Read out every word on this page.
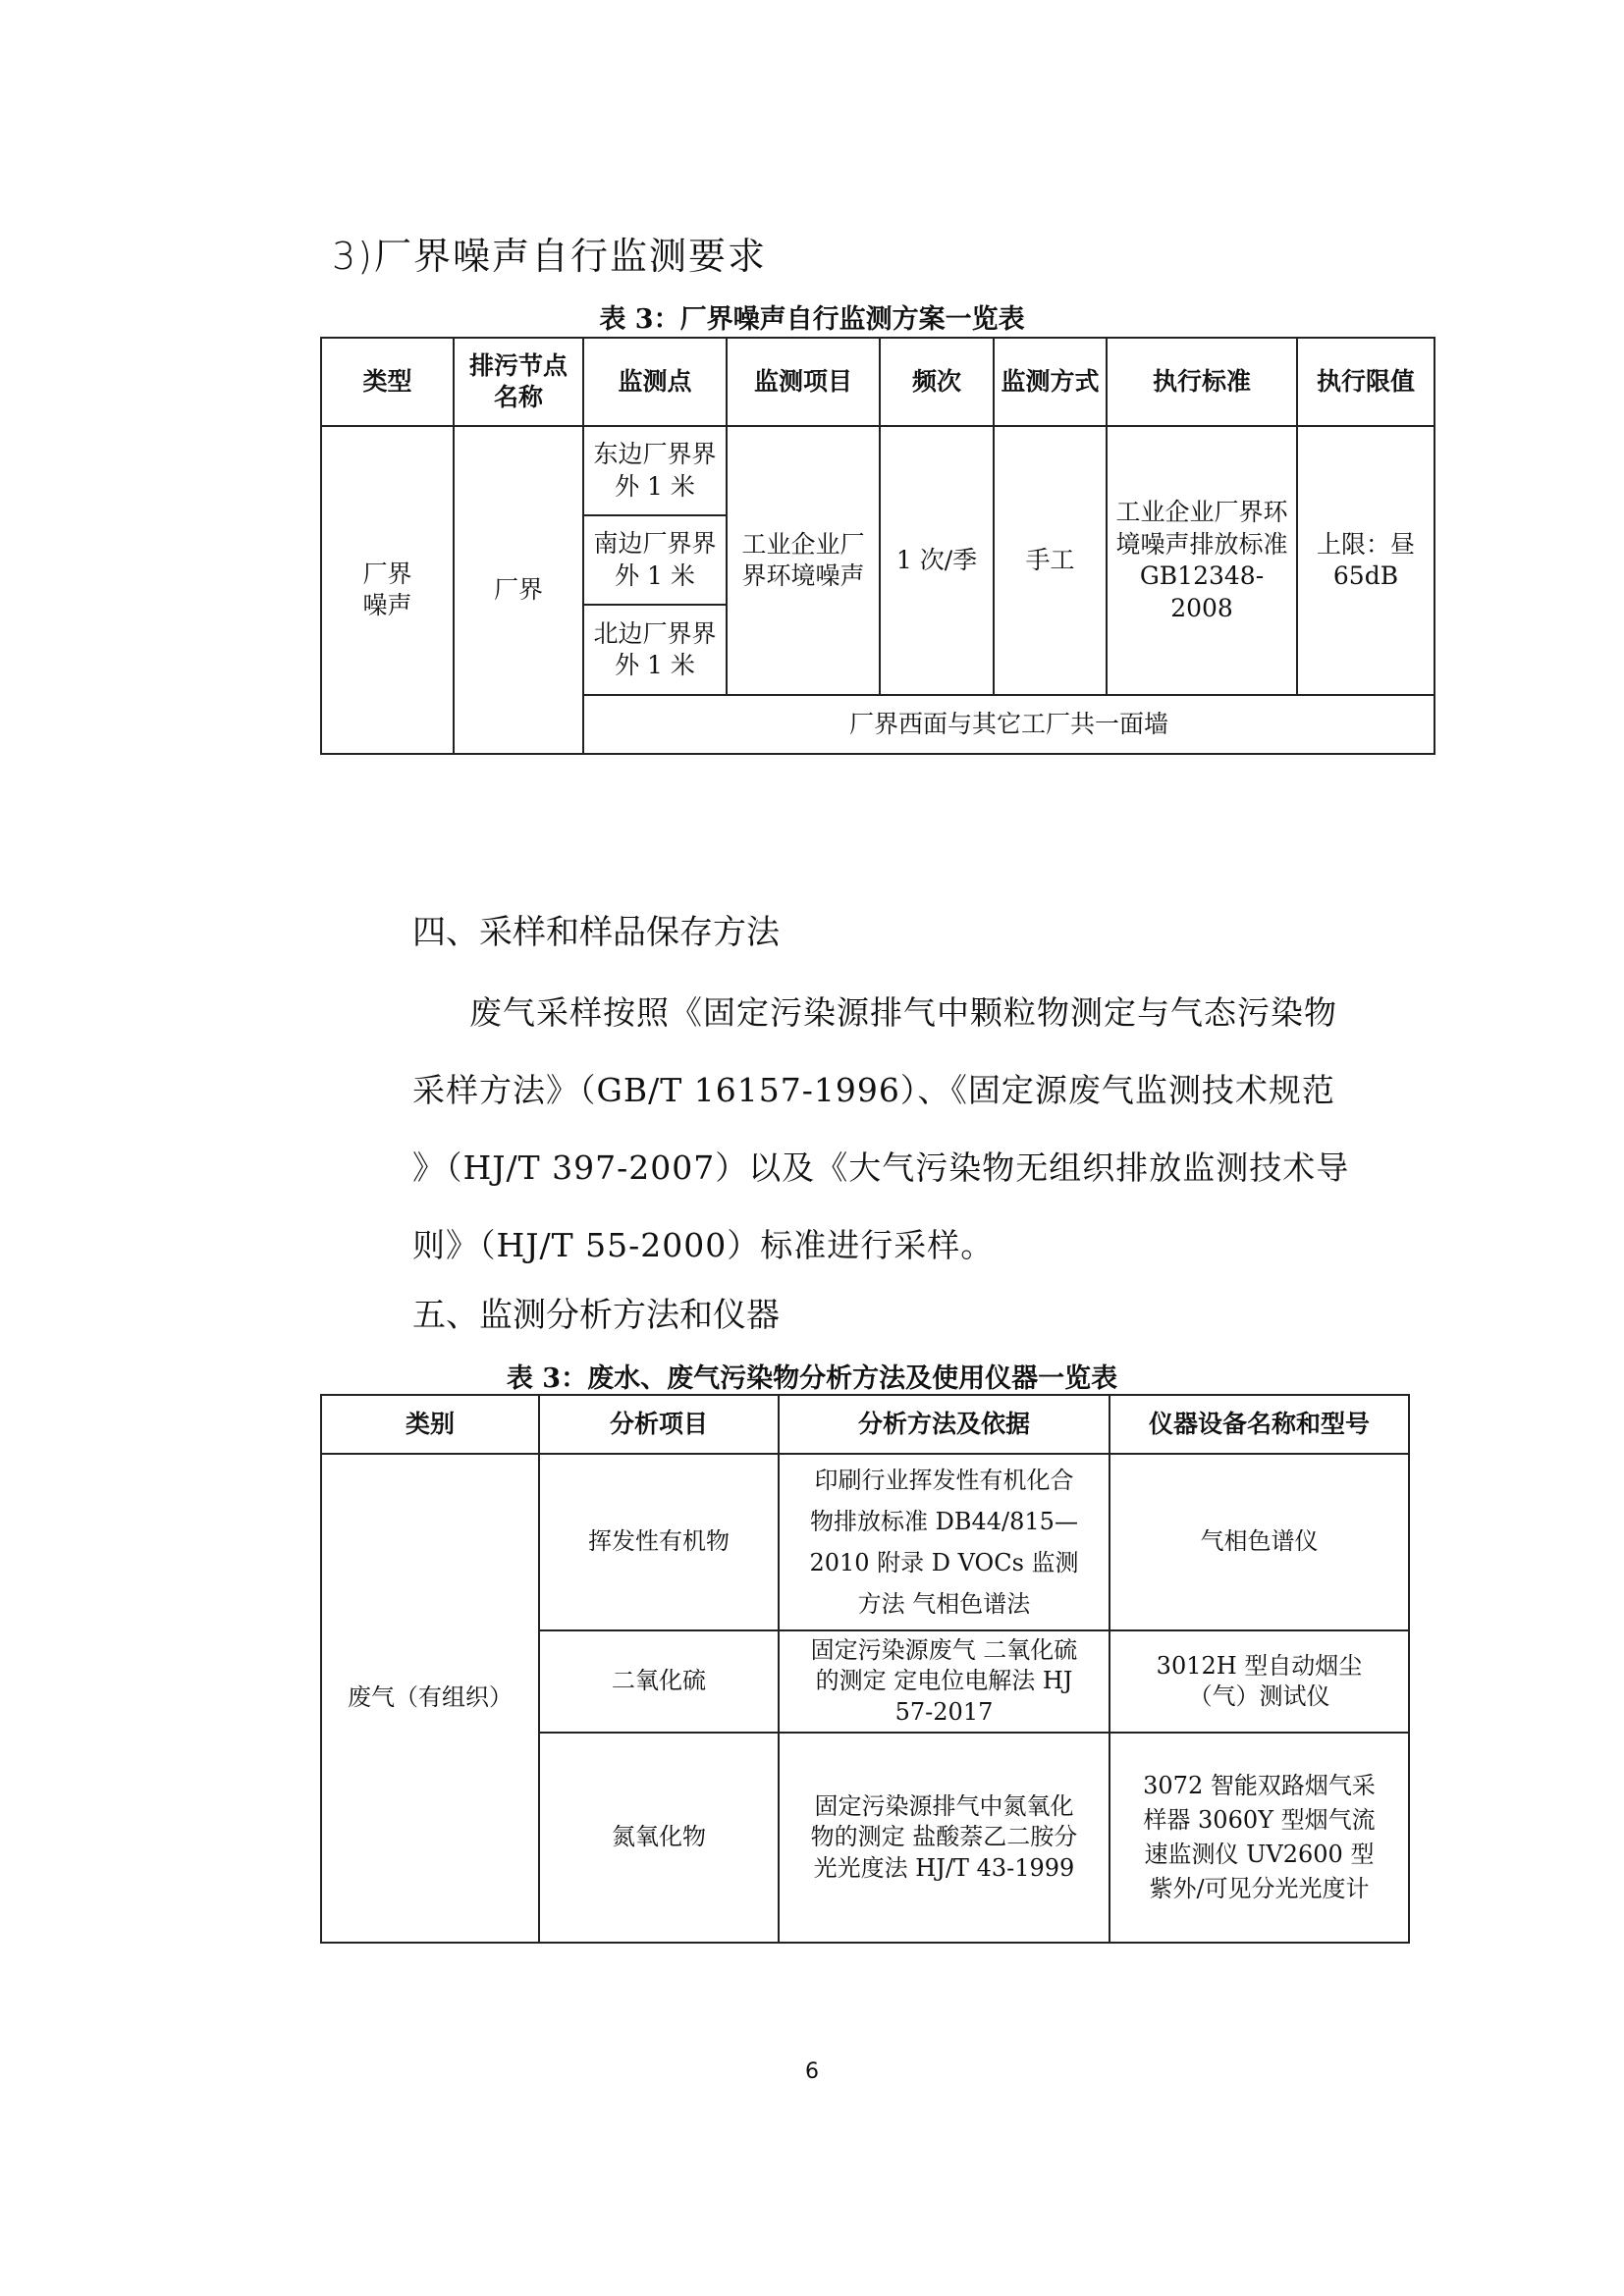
3)厂界噪声自行监测要求
表 3：厂界噪声自行监测方案一览表
类型	排污节点名称	监测点	监测项目	频次	监测方式	执行标准	执行限值
厂界噪声	厂界	东边厂界界外 1 米	工业企业厂界环境噪声	1 次/季	手工	工业企业厂界环境噪声排放标准 GB12348-2008	上限：昼 65dB
		南边厂界界外 1 米					
		北边厂界界外 1 米					
		厂界西面与其它工厂共一面墙					
四、采样和样品保存方法
废气采样按照《固定污染源排气中颗粒物测定与气态污染物
采样方法》（GB/T 16157-1996）、《固定源废气监测技术规范
》（HJ/T 397-2007）以及《大气污染物无组织排放监测技术导
则》（HJ/T 55-2000）标准进行采样。
五、监测分析方法和仪器
表 3：废水、废气污染物分析方法及使用仪器一览表
类别	分析项目	分析方法及依据	仪器设备名称和型号
废气（有组织）	挥发性有机物	印刷行业挥发性有机化合物排放标准 DB44/815—2010 附录 D VOCs 监测方法 气相色谱法	气相色谱仪
	二氧化硫	固定污染源废气 二氧化硫的测定 定电位电解法 HJ 57-2017	3012H 型自动烟尘（气）测试仪
	氮氧化物	固定污染源排气中氮氧化物的测定 盐酸萘乙二胺分光光度法 HJ/T 43-1999	3072 智能双路烟气采样器 3060Y 型烟气流速监测仪 UV2600 型 紫外/可见分光光度计
6
